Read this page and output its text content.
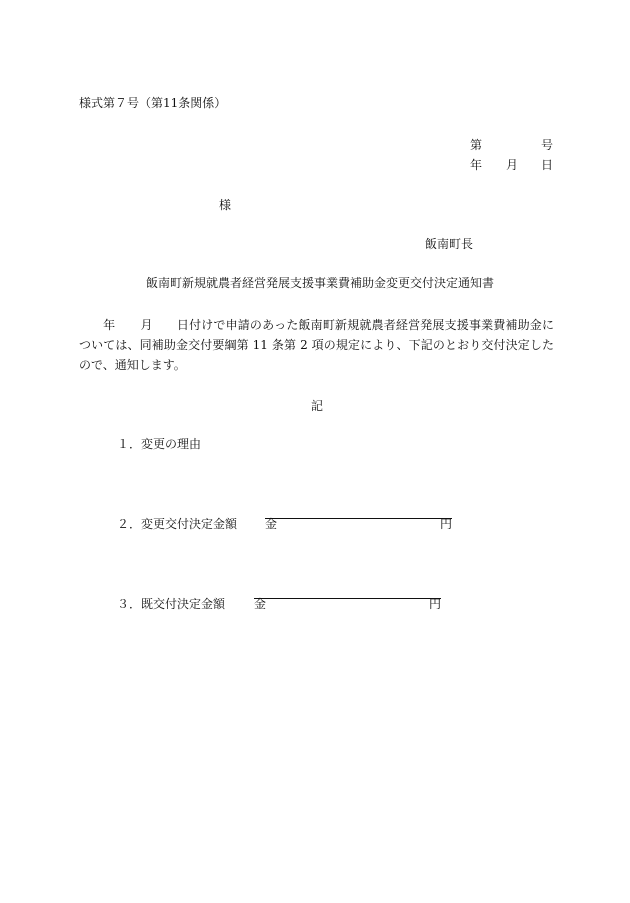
様式第７号（第11条関係）
第	号
年 月 日
様
飯南町長
飯南町新規就農者経営発展支援事業費補助金変更交付決定通知書
年 月 日付けで申請のあった飯南町新規就農者経営発展支援事業費補助金については、同補助金交付要綱第 11 条第 2 項の規定により、下記のとおり交付決定したので、通知します。
記
１．変更の理由
２．変更交付決定金額 金	円
３．既交付決定金額 金	円
